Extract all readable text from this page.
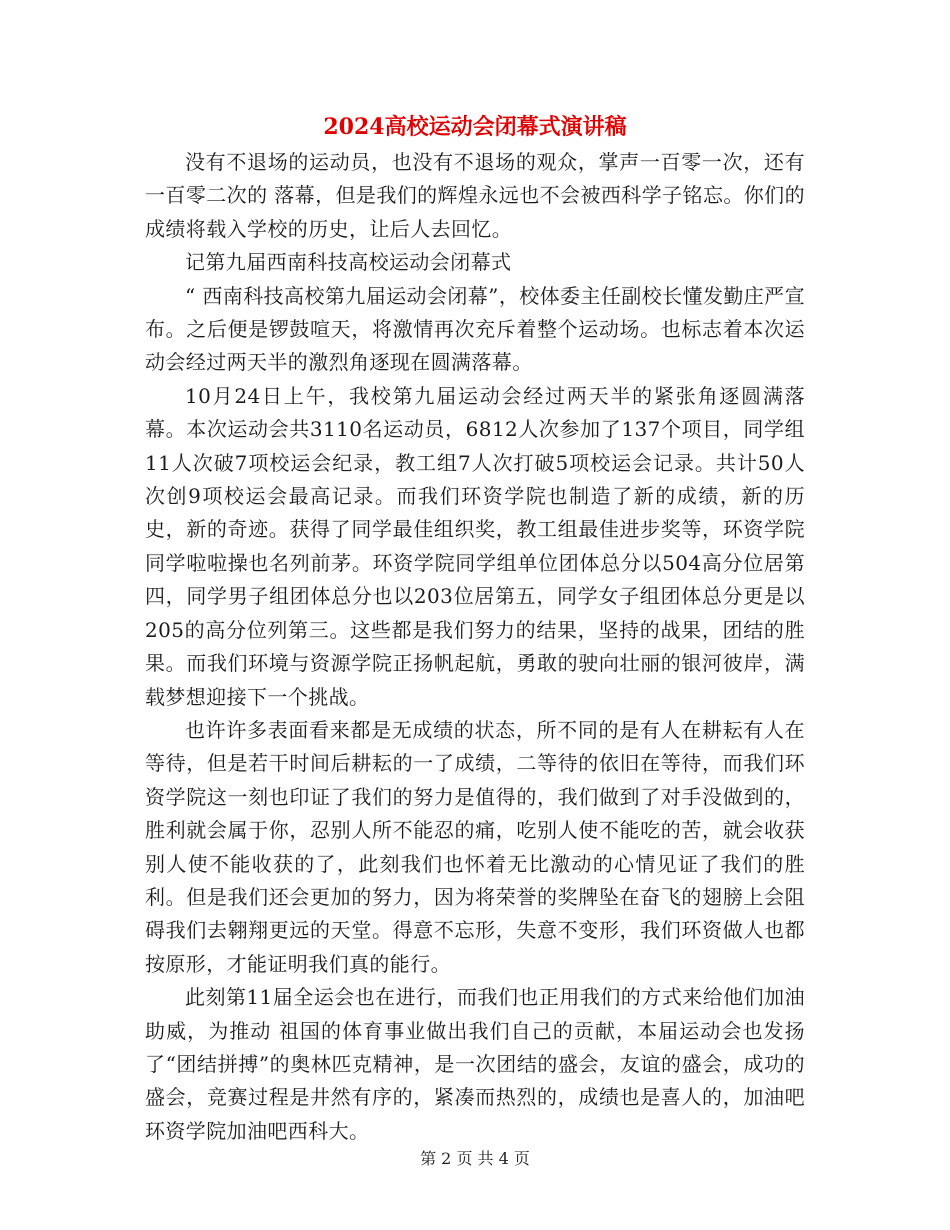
2024高校运动会闭幕式演讲稿

没有不退场的运动员，也没有不退场的观众，掌声一百零一次，还有一百零二次的 落幕，但是我们的辉煌永远也不会被西科学子铭忘。你们的成绩将载入学校的历史，让后人去回忆。

记第九届西南科技高校运动会闭幕式

“ 西南科技高校第九届运动会闭幕”，校体委主任副校长懂发勤庄严宣布。之后便是锣鼓喧天，将激情再次充斥着整个运动场。也标志着本次运动会经过两天半的激烈角逐现在圆满落幕。

10月24日上午，我校第九届运动会经过两天半的紧张角逐圆满落幕。本次运动会共3110名运动员，6812人次参加了137个项目，同学组11人次破7项校运会纪录，教工组7人次打破5项校运会记录。共计50人次创9项校运会最高记录。而我们环资学院也制造了新的成绩，新的历史，新的奇迹。获得了同学最佳组织奖，教工组最佳进步奖等，环资学院同学啦啦操也名列前茅。环资学院同学组单位团体总分以504高分位居第四，同学男子组团体总分也以203位居第五，同学女子组团体总分更是以205的高分位列第三。这些都是我们努力的结果，坚持的战果，团结的胜果。而我们环境与资源学院正扬帆起航，勇敢的驶向壮丽的银河彼岸，满载梦想迎接下一个挑战。

也许许多表面看来都是无成绩的状态，所不同的是有人在耕耘有人在等待，但是若干时间后耕耘的一了成绩，二等待的依旧在等待，而我们环资学院这一刻也印证了我们的努力是值得的，我们做到了对手没做到的，胜利就会属于你，忍别人所不能忍的痛，吃别人使不能吃的苦，就会收获别人使不能收获的了，此刻我们也怀着无比激动的心情见证了我们的胜利。但是我们还会更加的努力，因为将荣誉的奖牌坠在奋飞的翅膀上会阻碍我们去翱翔更远的天堂。得意不忘形，失意不变形，我们环资做人也都按原形，才能证明我们真的能行。

此刻第11届全运会也在进行，而我们也正用我们的方式来给他们加油助威，为推动 祖国的体育事业做出我们自己的贡献，本届运动会也发扬了“团结拼搏”的奥林匹克精神，是一次团结的盛会，友谊的盛会，成功的盛会，竞赛过程是井然有序的，紧凑而热烈的，成绩也是喜人的，加油吧环资学院加油吧西科大。

第 2 页 共 4 页
